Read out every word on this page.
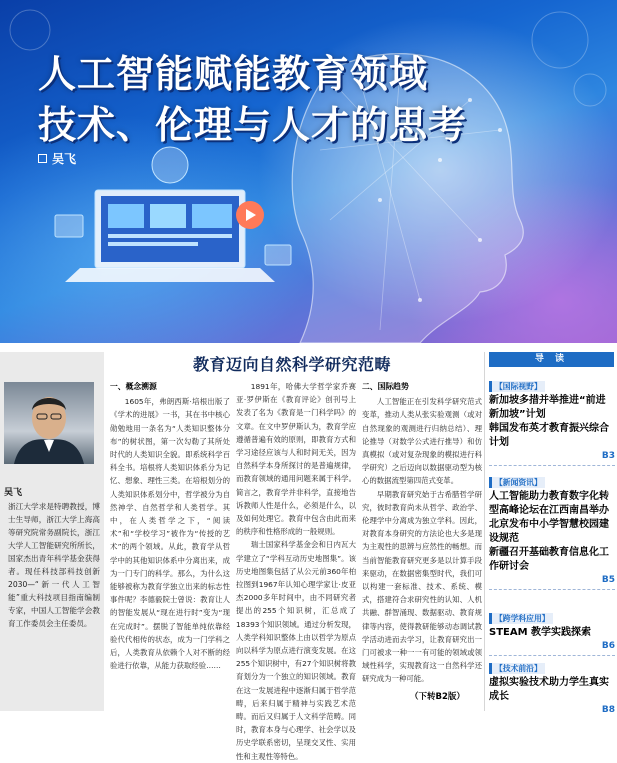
人工智能赋能教育领域
技术、伦理与人才的思考
吴飞
吴飞
浙江大学求是特聘教授，博士生导师，浙江大学上海高等研究院常务副院长，浙江大学人工智能研究所所长，国家杰出青年科学基金获得者。现任科技部科技创新2030—“新一代人工智能”重大科技项目指南编制专家，中国人工智能学会教育工作委员会主任委员。
教育迈向自然科学研究范畴
一、概念溯源
1605年，弗朗西斯·培根出版了《学术的进展》一书，其在书中核心勋勉地用一条名为“人类知识整体分布”的树状图，第一次勾勒了其所处时代的人类知识全貌。即系统科学百科全书。培根将人类知识体系分为记忆、想象、理性三类。在培根划分的人类知识体系划分中，哲学被分为自然神学、自然哲学和人类哲学。其中，在人类哲学之下，“阅读术”和“学校学习”被作为“传授的艺术”的两个领域。从此，教育学从哲学中的其他知识体系中分离出来，成为一门专门的科学。那么，为什么这能够被称为教育学独立出来的标志性事件呢？李德毅院士曾说：教育让人的智能发展从“现在进行时”变为“现在完成时”。摆脱了智能单纯依靠经验代代相传的状态，成为一门学科之后，人类教育从依赖个人对不断的经验进行依靠，从能力获取经验……
1891年，哈佛大学哲学家乔赛亚·罗伊斯在《教育评论》创刊号上发表了名为《教育是一门科学吗》的文章。在文中罗伊斯认为，教育学应遵循普遍有效的原则，即教育方式和学习途径应该与人和时间无关，因为自然科学本身所探讨的是普遍规律，而教育领域的通用问题来属于科学。简言之，教育学并非科学，直接地告诉教师人性是什么，必须是什么，以及如何处理它。教育中包含由此而来的秩序和性格形成的一般规则。
瑞士国家科学基金会和日内瓦大学建立了“学科互动历史地图集”。该历史地图集包括了从公元前360年柏拉图到1967年认知心理学家让·皮亚杰2000多年时间中，由不同研究者提出的255个知识树，汇总成了18393个知识领域。通过分析发现，人类学科知识整体上由以哲学为原点向以科学为原点进行演变发展。在这255个知识树中，有27个知识树将教育划分为一个独立的知识领域。教育在这一发展进程中逐渐归属于哲学范畴，后来归属于精神与实践艺术范畴。而后又归属于人文科学范畴。同时，教育本身与心理学、社会学以及历史学联系密切，呈现交叉性、实用性和主观性等特色。
二、国际趋势
人工智能正在引发科学研究范式变革，推动人类从张实验观测（或对自然现象的观测进行归纳总结）、理论推导（对数学公式进行推导）和仿真模拟（或对复杂现象的模拟进行科学研究）之后迈向以数据驱动型为核心的数据流型第四范式变革。
早期教育研究始于古希腊哲学研究，彼时教育尚未从哲学、政治学、伦理学中分离成为独立学科。因此，对教育本身研究的方法论也大多是现为主观性的思辨与应然性的畅想。而当前智能教育研究更多是以计算手段来驱动，在数据密集型时代，我们可以构建一套标准、技术、系统、模式，搭建符合求研究性的认知、人机共融、群智涌现、数据驱动、教育规律等内容，使得教研能够动态调试教学活动进而去学习，让教育研究出一门可被求一种一一有可能的领域或领域性科学，实现教育这一自然科学还研究成为一种可能。
（下转B2版）
导 读
【国际视野】
新加坡多措并举推进“前进新加坡”计划
韩国发布英才教育振兴综合计划
B3
【新闻资讯】
人工智能助力教育数字化转型高峰论坛在江西南昌举办
北京发布中小学智慧校园建设规范
新疆召开基础教育信息化工作研讨会
B5
【跨学科应用】
STEAM 教学实践探索
B6
【技术前沿】
虚拟实验技术助力学生真实成长
B8
